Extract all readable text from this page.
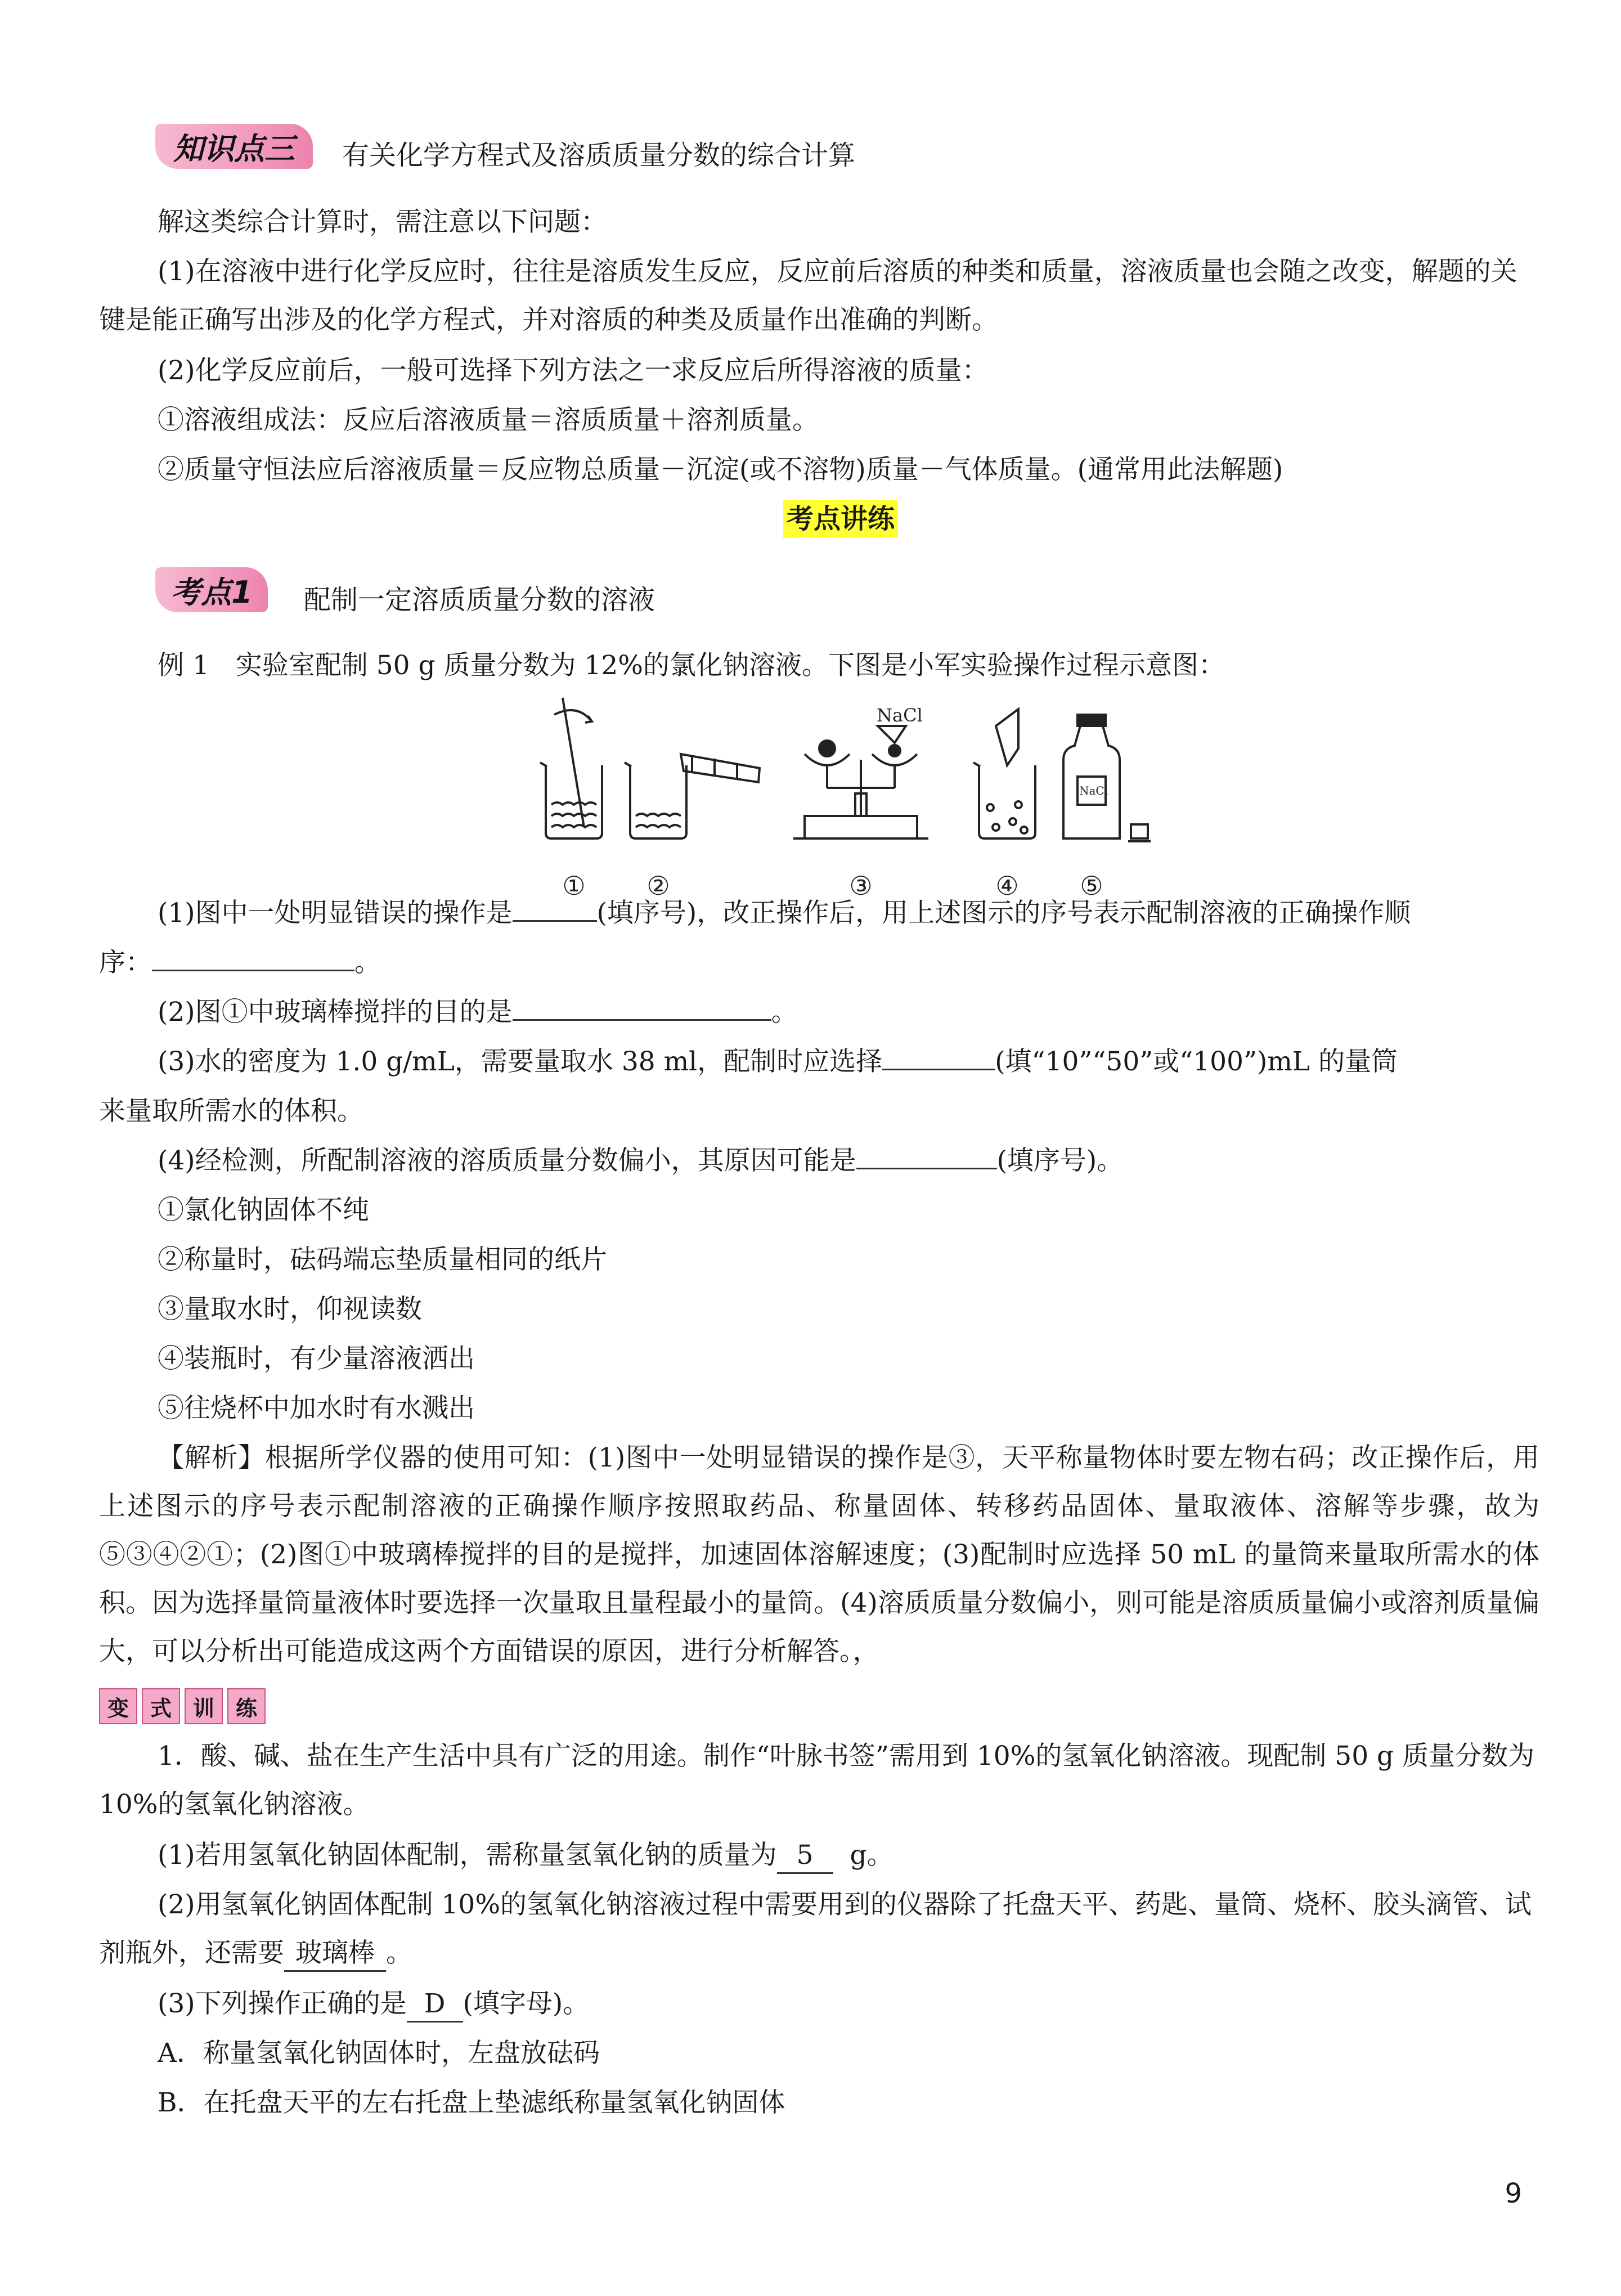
知识点三	有关化学方程式及溶质质量分数的综合计算
解这类综合计算时，需注意以下问题：
(1)在溶液中进行化学反应时，往往是溶质发生反应，反应前后溶质的种类和质量，溶液质量也会随之改变，解题的关键是能正确写出涉及的化学方程式，并对溶质的种类及质量作出准确的判断。
(2)化学反应前后，一般可选择下列方法之一求反应后所得溶液的质量：
①溶液组成法：反应后溶液质量＝溶质质量＋溶剂质量。
②质量守恒法应后溶液质量＝反应物总质量－沉淀(或不溶物)质量－气体质量。(通常用此法解题)
考点讲练
考点1	配制一定溶质质量分数的溶液
例 1　实验室配制 50 g 质量分数为 12%的氯化钠溶液。下图是小军实验操作过程示意图：
NaCl
NaCl
① ②	③	④ ⑤
(1)图中一处明显错误的操作是	(填序号)，改正操作后，用上述图示的序号表示配制溶液的正确操作顺
序：	。
(2)图①中玻璃棒搅拌的目的是	。
(3)水的密度为 1.0 g/mL，需要量取水 38 ml，配制时应选择	(填“10”“50”或“100”)mL 的量筒
来量取所需水的体积。
(4)经检测，所配制溶液的溶质质量分数偏小，其原因可能是	(填序号)。
①氯化钠固体不纯
②称量时，砝码端忘垫质量相同的纸片
③量取水时，仰视读数
④装瓶时，有少量溶液洒出
⑤往烧杯中加水时有水溅出
【解析】根据所学仪器的使用可知：(1)图中一处明显错误的操作是③，天平称量物体时要左物右码；改正操作后，用上述图示的序号表示配制溶液的正确操作顺序按照取药品、称量固体、转移药品固体、量取液体、溶解等步骤，故为⑤③④②①；(2)图①中玻璃棒搅拌的目的是搅拌，加速固体溶解速度；(3)配制时应选择 50 mL 的量筒来量取所需水的体积。因为选择量筒量液体时要选择一次量取且量程最小的量筒。(4)溶质质量分数偏小，则可能是溶质质量偏小或溶剂质量偏大，可以分析出可能造成这两个方面错误的原因，进行分析解答。，
变 式 训 练
1．酸、碱、盐在生产生活中具有广泛的用途。制作“叶脉书签”需用到 10%的氢氧化钠溶液。现配制 50 g 质量分数为 10%的氢氧化钠溶液。
(1)若用氢氧化钠固体配制，需称量氢氧化钠的质量为 5 g。
(2)用氢氧化钠固体配制 10%的氢氧化钠溶液过程中需要用到的仪器除了托盘天平、药匙、量筒、烧杯、胶头滴管、试剂瓶外，还需要 玻璃棒 。
(3)下列操作正确的是 D (填字母)。
A．称量氢氧化钠固体时，左盘放砝码
B．在托盘天平的左右托盘上垫滤纸称量氢氧化钠固体
9
